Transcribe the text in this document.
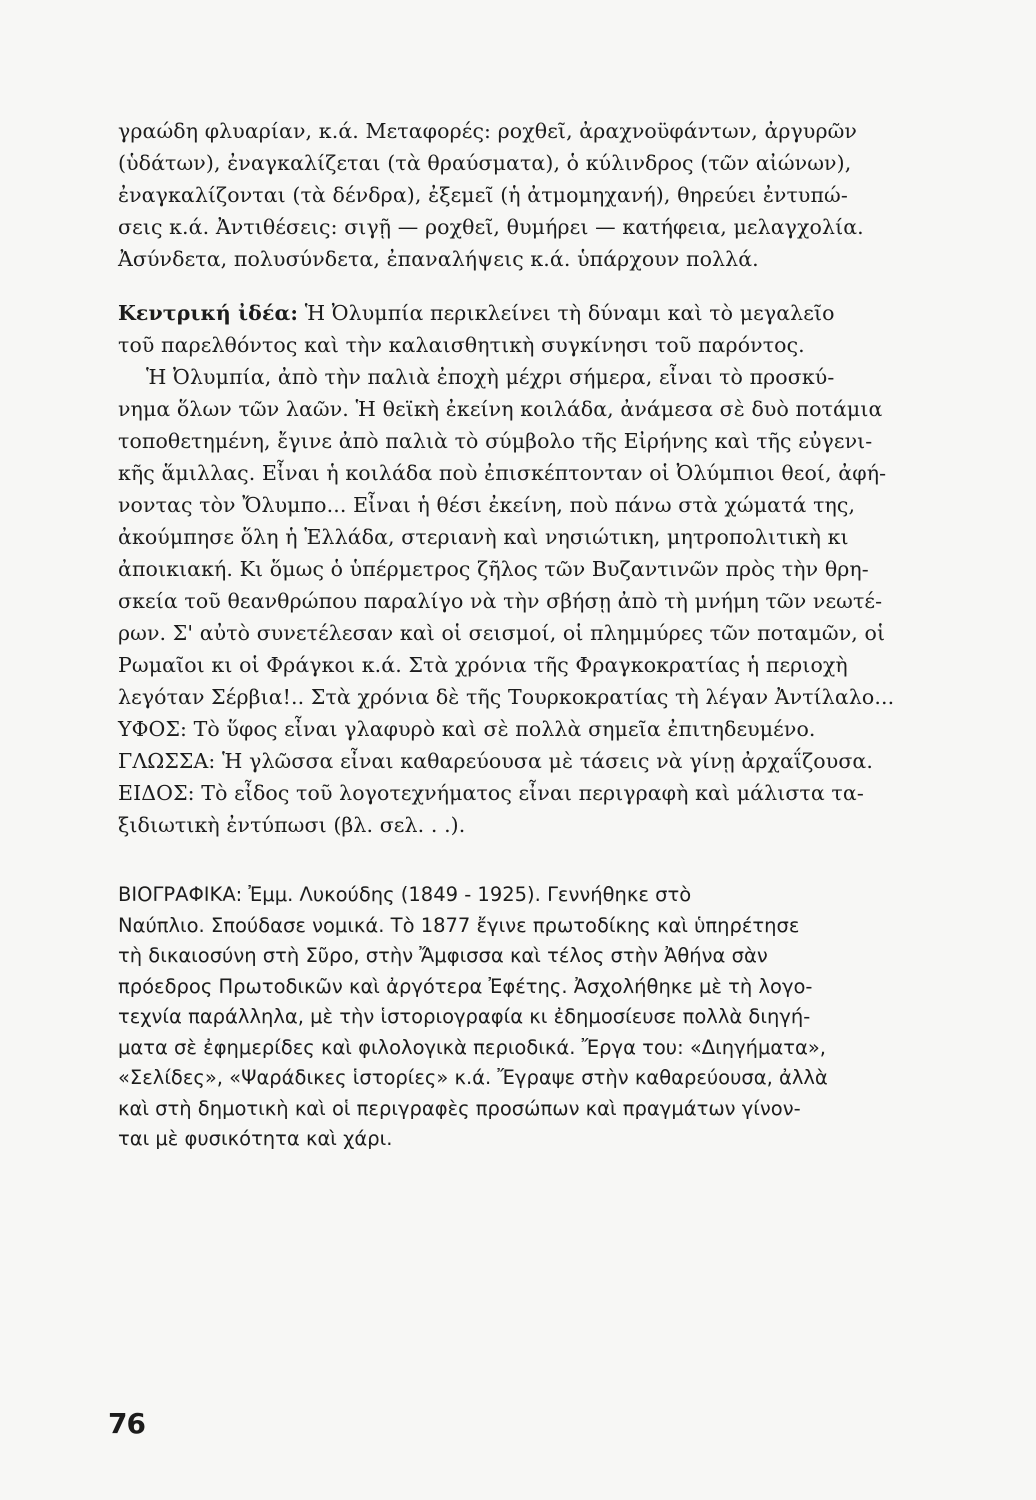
γραώδη φλυαρίαν, κ.ά. Μεταφορές: ροχθεῖ, ἀραχνοϋφάντων, ἀργυρῶν
(ὑδάτων), ἐναγκαλίζεται (τὰ θραύσματα), ὁ κύλινδρος (τῶν αἰώνων),
ἐναγκαλίζονται (τὰ δένδρα), ἐξεμεῖ (ἡ ἀτμομηχανή), θηρεύει ἐντυπώ-
σεις κ.ά. Ἀντιθέσεις: σιγῇ — ροχθεῖ, θυμήρει — κατήφεια, μελαγχολία.
Ἀσύνδετα, πολυσύνδετα, ἐπαναλήψεις κ.ά. ὑπάρχουν πολλά.
Κεντρική ἰδέα: Ἡ Ὀλυμπία περικλείνει τὴ δύναμι καὶ τὸ μεγαλεῖο
τοῦ παρελθόντος καὶ τὴν καλαισθητικὴ συγκίνησι τοῦ παρόντος.
Ἡ Ὀλυμπία, ἀπὸ τὴν παλιὰ ἐποχὴ μέχρι σήμερα, εἶναι τὸ προσκύ-
νημα ὅλων τῶν λαῶν. Ἡ θεϊκὴ ἐκείνη κοιλάδα, ἀνάμεσα σὲ δυὸ ποτάμια
τοποθετημένη, ἔγινε ἀπὸ παλιὰ τὸ σύμβολο τῆς Εἰρήνης καὶ τῆς εὐγενι-
κῆς ἅμιλλας. Εἶναι ἡ κοιλάδα ποὺ ἐπισκέπτονταν οἱ Ὀλύμπιοι θεοί, ἀφή-
νοντας τὸν Ὄλυμπο... Εἶναι ἡ θέσι ἐκείνη, ποὺ πάνω στὰ χώματά της,
ἀκούμπησε ὅλη ἡ Ἑλλάδα, στεριανὴ καὶ νησιώτικη, μητροπολιτικὴ κι
ἀποικιακή. Κι ὅμως ὁ ὑπέρμετρος ζῆλος τῶν Βυζαντινῶν πρὸς τὴν θρη-
σκεία τοῦ θεανθρώπου παραλίγο νὰ τὴν σβήσῃ ἀπὸ τὴ μνήμη τῶν νεωτέ-
ρων. Σ' αὐτὸ συνετέλεσαν καὶ οἱ σεισμοί, οἱ πλημμύρες τῶν ποταμῶν, οἱ
Ρωμαῖοι κι οἱ Φράγκοι κ.ά. Στὰ χρόνια τῆς Φραγκοκρατίας ἡ περιοχὴ
λεγόταν Σέρβια!.. Στὰ χρόνια δὲ τῆς Τουρκοκρατίας τὴ λέγαν Ἀντίλαλο...
ΥΦΟΣ: Τὸ ὕφος εἶναι γλαφυρὸ καὶ σὲ πολλὰ σημεῖα ἐπιτηδευμένο.
ΓΛΩΣΣΑ: Ἡ γλῶσσα εἶναι καθαρεύουσα μὲ τάσεις νὰ γίνῃ ἀρχαΐζουσα.
ΕΙΔΟΣ: Τὸ εἶδος τοῦ λογοτεχνήματος εἶναι περιγραφὴ καὶ μάλιστα τα-
ξιδιωτικὴ ἐντύπωσι (βλ. σελ. . .).
ΒΙΟΓΡΑΦΙΚΑ: Ἐμμ. Λυκούδης (1849 - 1925). Γεννήθηκε στὸ
Ναύπλιο. Σπούδασε νομικά. Τὸ 1877 ἔγινε πρωτοδίκης καὶ ὑπηρέτησε
τὴ δικαιοσύνη στὴ Σῦρο, στὴν Ἄμφισσα καὶ τέλος στὴν Ἀθήνα σὰν
πρόεδρος Πρωτοδικῶν καὶ ἀργότερα Ἐφέτης. Ἀσχολήθηκε μὲ τὴ λογο-
τεχνία παράλληλα, μὲ τὴν ἱστοριογραφία κι ἐδημοσίευσε πολλὰ διηγή-
ματα σὲ ἐφημερίδες καὶ φιλολογικὰ περιοδικά. Ἔργα του: «Διηγήματα»,
«Σελίδες», «Ψαράδικες ἱστορίες» κ.ά. Ἔγραψε στὴν καθαρεύουσα, ἀλλὰ
καὶ στὴ δημοτικὴ καὶ οἱ περιγραφὲς προσώπων καὶ πραγμάτων γίνον-
ται μὲ φυσικότητα καὶ χάρι.
76
